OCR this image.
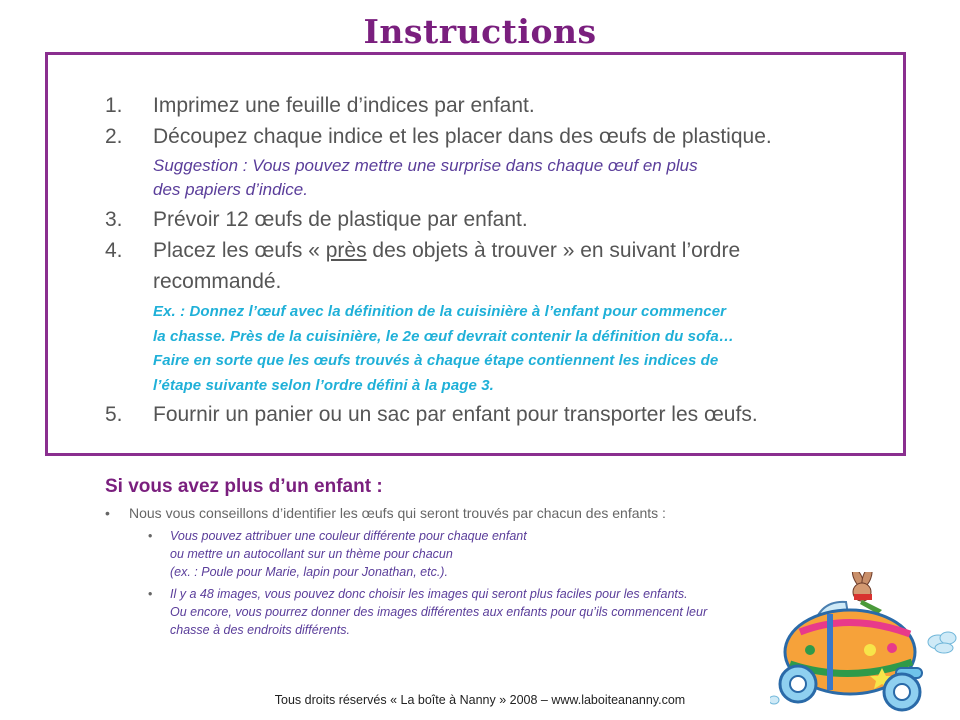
Instructions
1. Imprimez une feuille d’indices par enfant.
2. Découpez chaque indice et les placer dans des œufs de plastique.
Suggestion : Vous pouvez mettre une surprise dans chaque œuf en plus
des papiers d’indice.
3. Prévoir 12 œufs de plastique par enfant.
4. Placez les œufs « près des objets à trouver » en suivant l’ordre
recommandé.
Ex. : Donnez l’œuf avec la définition de la cuisinière à l’enfant pour commencer
la chasse. Près de la cuisinière, le 2e œuf devrait contenir la définition du sofa…
Faire en sorte que les œufs trouvés à chaque étape contiennent les indices de
l’étape suivante selon l’ordre défini à la page 3.
5. Fournir un panier ou un sac par enfant pour transporter les œufs.
Si vous avez plus d’un enfant :
• Nous vous conseillons d’identifier les œufs qui seront trouvés par chacun des enfants :
• Vous pouvez attribuer une couleur différente pour chaque enfant
ou mettre un autocollant sur un thème pour chacun
(ex. : Poule pour Marie, lapin pour Jonathan, etc.).
• Il y a 48 images, vous pouvez donc choisir les images qui seront plus faciles pour les enfants.
Ou encore, vous pourrez donner des images différentes aux enfants pour qu’ils commencent leur
chasse à des endroits différents.
Tous droits réservés « La boîte à Nanny » 2008 – www.laboiteananny.com
